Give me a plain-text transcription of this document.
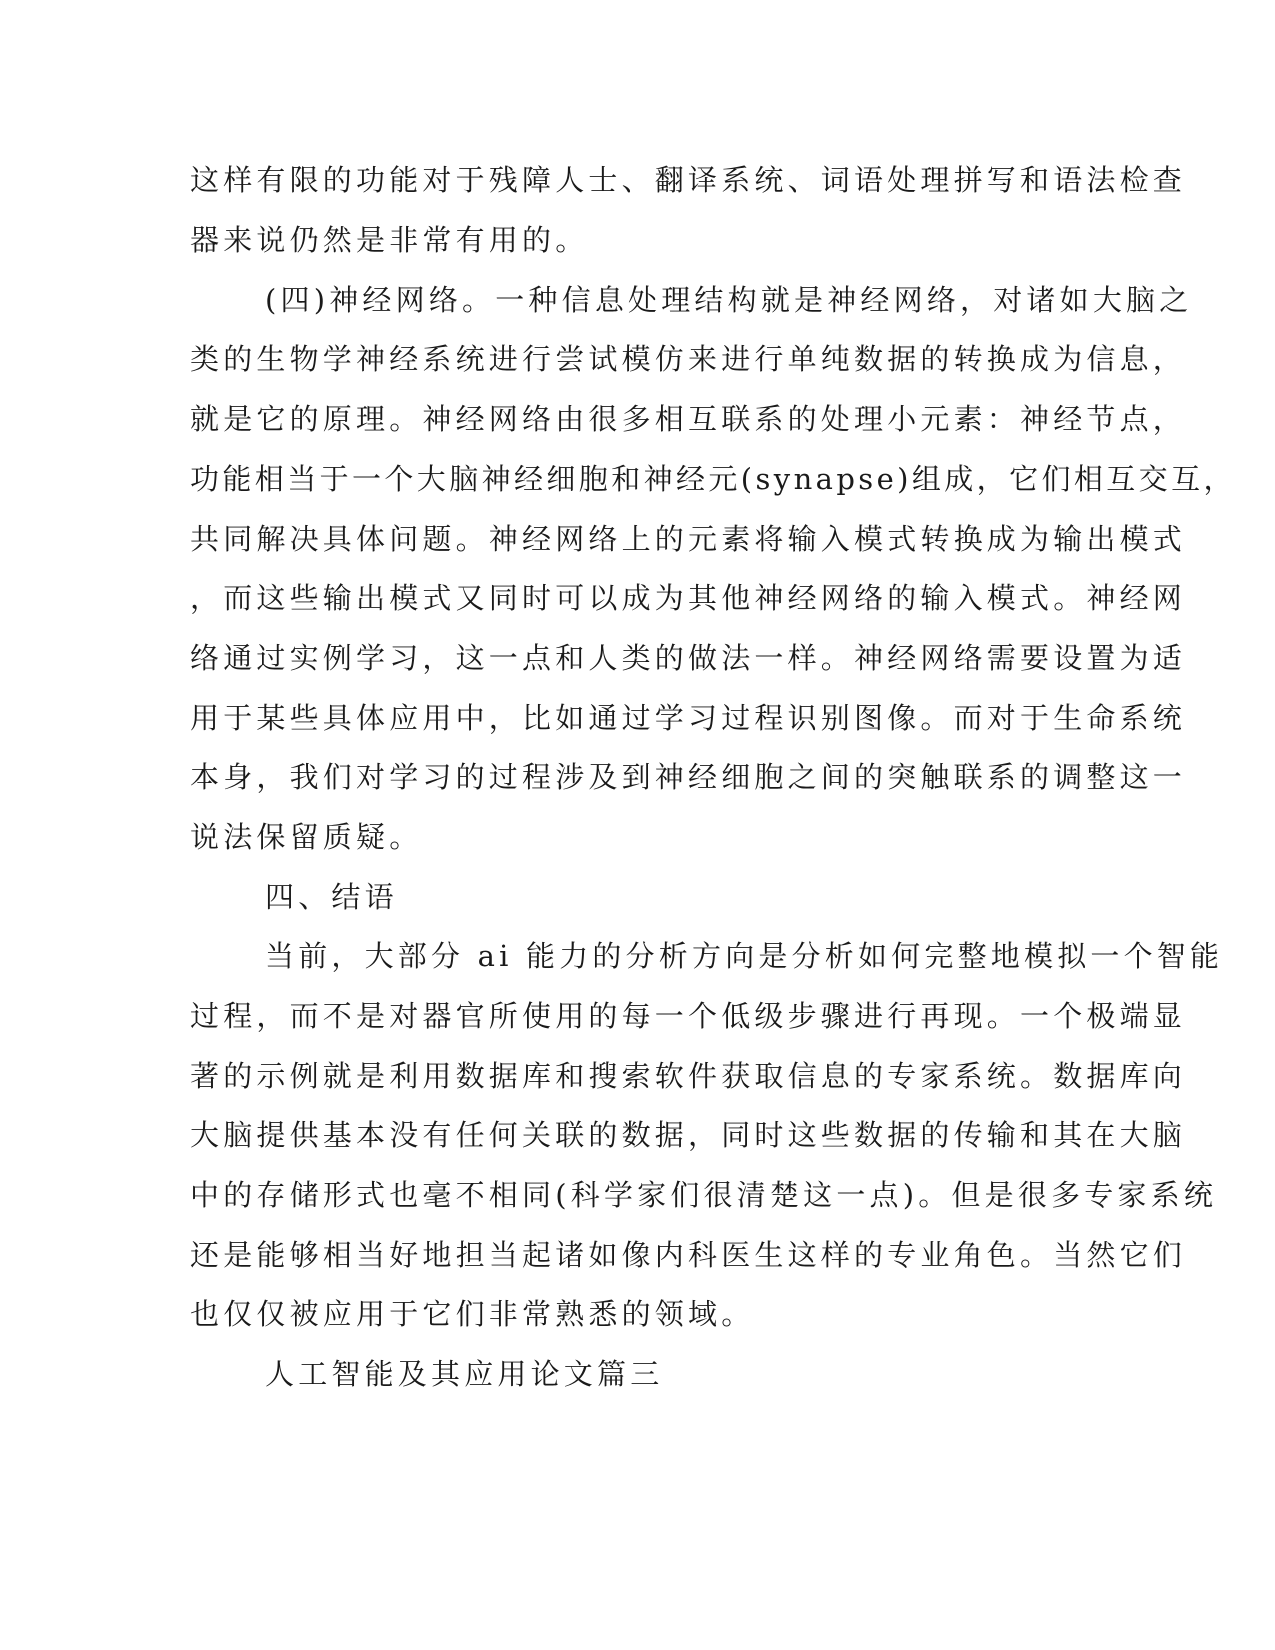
这样有限的功能对于残障人士、翻译系统、词语处理拼写和语法检查
器来说仍然是非常有用的。
(四)神经网络。一种信息处理结构就是神经网络，对诸如大脑之
类的生物学神经系统进行尝试模仿来进行单纯数据的转换成为信息，
就是它的原理。神经网络由很多相互联系的处理小元素：神经节点，
功能相当于一个大脑神经细胞和神经元(synapse)组成，它们相互交互，
共同解决具体问题。神经网络上的元素将输入模式转换成为输出模式
，而这些输出模式又同时可以成为其他神经网络的输入模式。神经网
络通过实例学习，这一点和人类的做法一样。神经网络需要设置为适
用于某些具体应用中，比如通过学习过程识别图像。而对于生命系统
本身，我们对学习的过程涉及到神经细胞之间的突触联系的调整这一
说法保留质疑。
四、结语
当前，大部分 ai 能力的分析方向是分析如何完整地模拟一个智能
过程，而不是对器官所使用的每一个低级步骤进行再现。一个极端显
著的示例就是利用数据库和搜索软件获取信息的专家系统。数据库向
大脑提供基本没有任何关联的数据，同时这些数据的传输和其在大脑
中的存储形式也毫不相同(科学家们很清楚这一点)。但是很多专家系统
还是能够相当好地担当起诸如像内科医生这样的专业角色。当然它们
也仅仅被应用于它们非常熟悉的领域。
人工智能及其应用论文篇三
